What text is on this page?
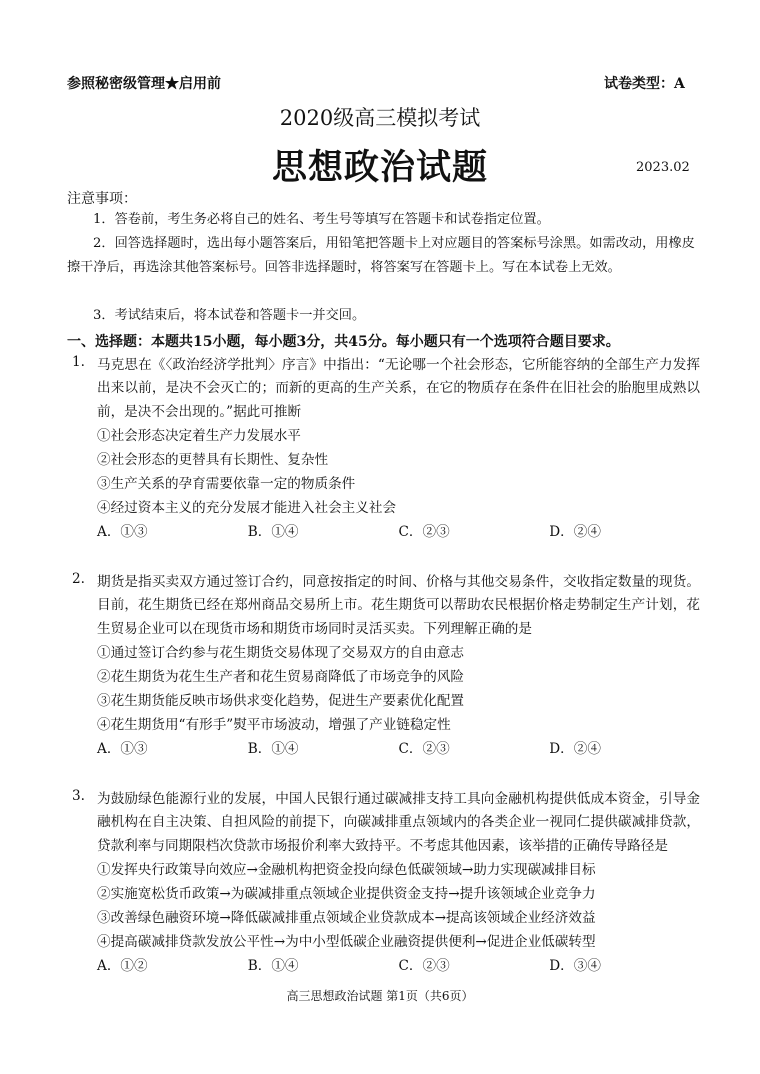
参照秘密级管理★启用前	试卷类型：A
2020级高三模拟考试
思想政治试题	2023.02
注意事项：
1．答卷前，考生务必将自己的姓名、考生号等填写在答题卡和试卷指定位置。
2．回答选择题时，选出每小题答案后，用铅笔把答题卡上对应题目的答案标号涂黑。如需改动，用橡皮擦干净后，再选涂其他答案标号。回答非选择题时，将答案写在答题卡上。写在本试卷上无效。
3．考试结束后，将本试卷和答题卡一并交回。
一、选择题：本题共15小题，每小题3分，共45分。每小题只有一个选项符合题目要求。
1. 马克思在《〈政治经济学批判〉序言》中指出：“无论哪一个社会形态，它所能容纳的全部生产力发挥出来以前，是决不会灭亡的；而新的更高的生产关系，在它的物质存在条件在旧社会的胎胞里成熟以前，是决不会出现的。”据此可推断
①社会形态决定着生产力发展水平
②社会形态的更替具有长期性、复杂性
③生产关系的孕育需要依靠一定的物质条件
④经过资本主义的充分发展才能进入社会主义社会
A．①③	B．①④	C．②③	D．②④
2. 期货是指买卖双方通过签订合约，同意按指定的时间、价格与其他交易条件，交收指定数量的现货。目前，花生期货已经在郑州商品交易所上市。花生期货可以帮助农民根据价格走势制定生产计划，花生贸易企业可以在现货市场和期货市场同时灵活买卖。下列理解正确的是
①通过签订合约参与花生期货交易体现了交易双方的自由意志
②花生期货为花生生产者和花生贸易商降低了市场竞争的风险
③花生期货能反映市场供求变化趋势，促进生产要素优化配置
④花生期货用“有形手”熨平市场波动，增强了产业链稳定性
A．①③	B．①④	C．②③	D．②④
3. 为鼓励绿色能源行业的发展，中国人民银行通过碳减排支持工具向金融机构提供低成本资金，引导金融机构在自主决策、自担风险的前提下，向碳减排重点领域内的各类企业一视同仁提供碳减排贷款，贷款利率与同期限档次贷款市场报价利率大致持平。不考虑其他因素，该举措的正确传导路径是
①发挥央行政策导向效应→金融机构把资金投向绿色低碳领域→助力实现碳减排目标
②实施宽松货币政策→为碳减排重点领域企业提供资金支持→提升该领域企业竞争力
③改善绿色融资环境→降低碳减排重点领域企业贷款成本→提高该领域企业经济效益
④提高碳减排贷款发放公平性→为中小型低碳企业融资提供便利→促进企业低碳转型
A．①②	B．①④	C．②③	D．③④
高三思想政治试题 第1页（共6页）
